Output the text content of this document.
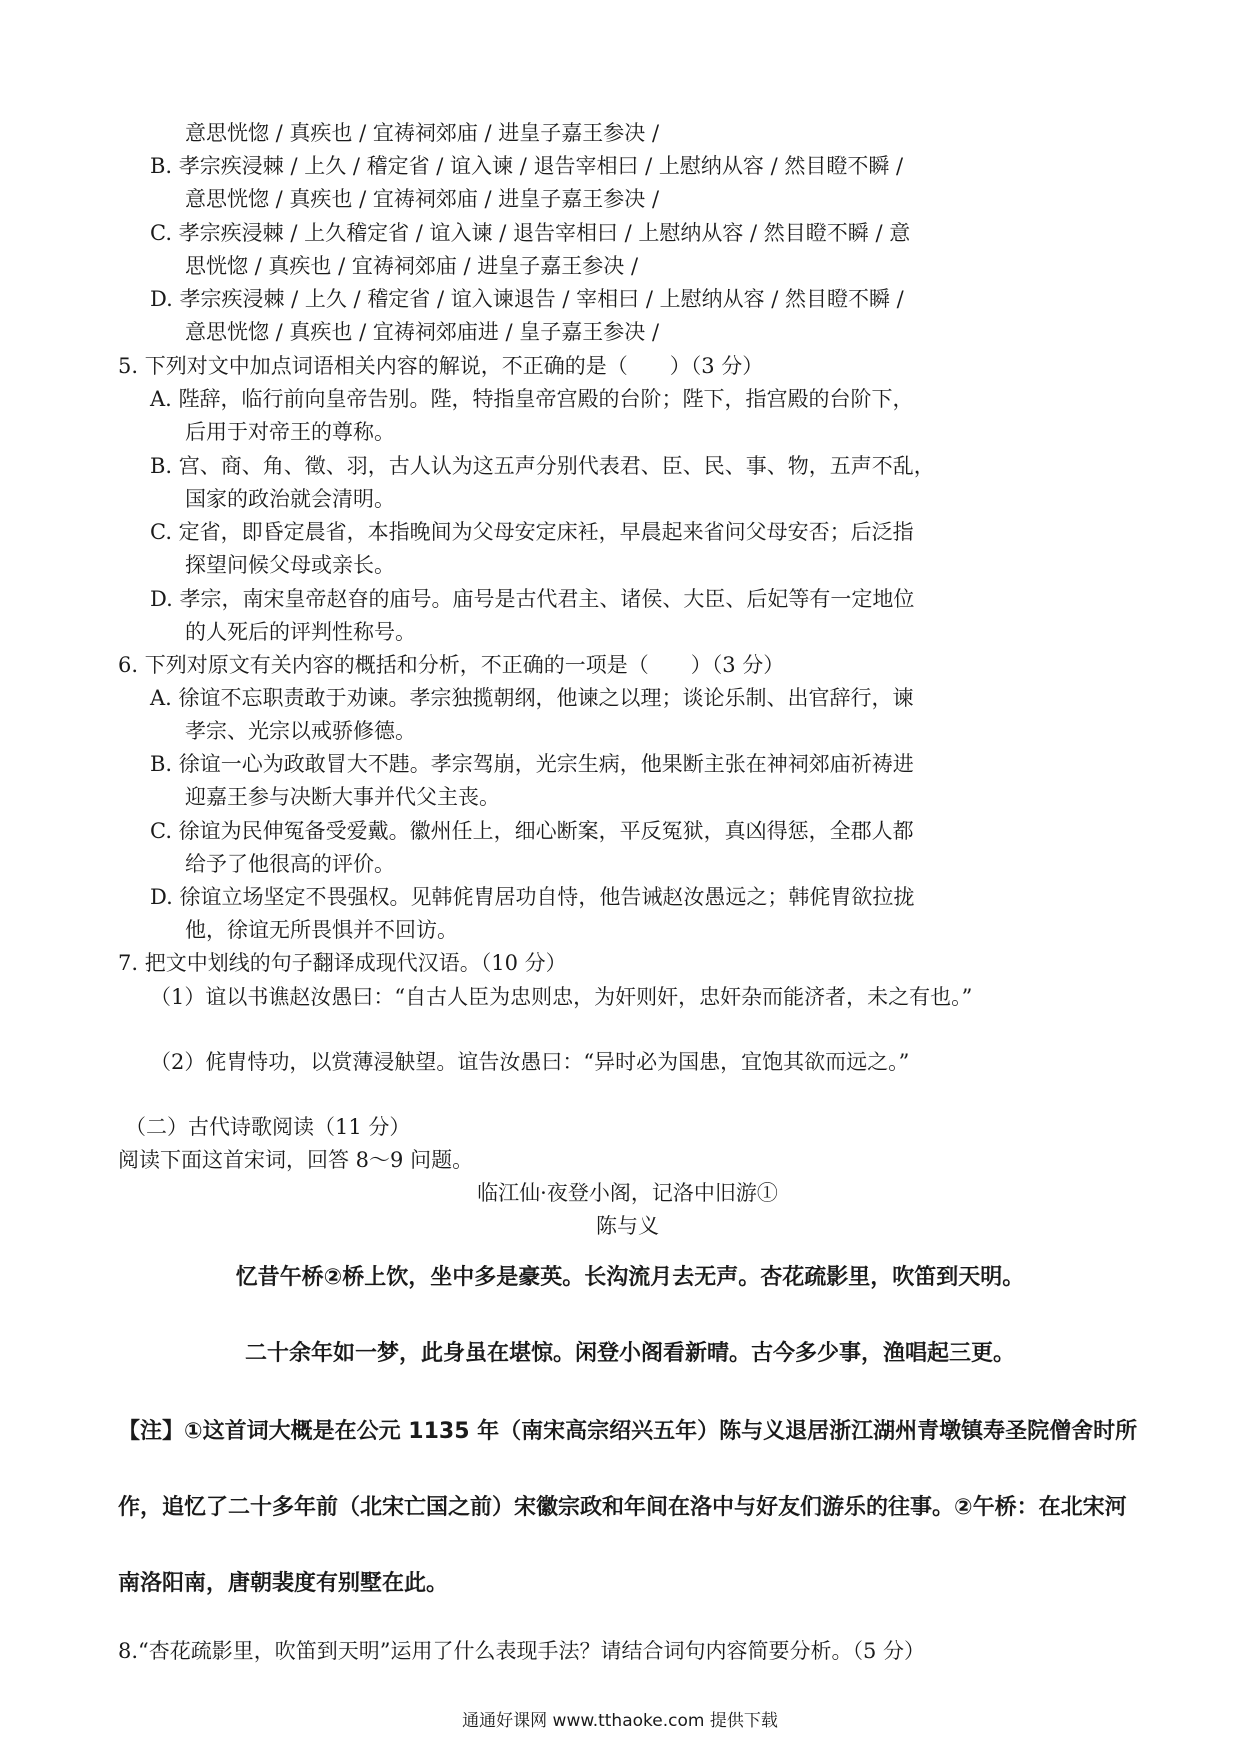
意思恍惚 / 真疾也 / 宜祷祠郊庙 / 进皇子嘉王参决 /
B. 孝宗疾浸棘 / 上久 / 稽定省 / 谊入谏 / 退告宰相曰 / 上慰纳从容 / 然目瞪不瞬 /
意思恍惚 / 真疾也 / 宜祷祠郊庙 / 进皇子嘉王参决 /
C. 孝宗疾浸棘 / 上久稽定省 / 谊入谏 / 退告宰相曰 / 上慰纳从容 / 然目瞪不瞬 / 意
思恍惚 / 真疾也 / 宜祷祠郊庙 / 进皇子嘉王参决 /
D. 孝宗疾浸棘 / 上久 / 稽定省 / 谊入谏退告 / 宰相曰 / 上慰纳从容 / 然目瞪不瞬 /
意思恍惚 / 真疾也 / 宜祷祠郊庙进 / 皇子嘉王参决 /
5. 下列对文中加点词语相关内容的解说，不正确的是（　　）（3 分）
A. 陛辞，临行前向皇帝告别。陛，特指皇帝宫殿的台阶；陛下，指宫殿的台阶下，
后用于对帝王的尊称。
B. 宫、商、角、徵、羽，古人认为这五声分别代表君、臣、民、事、物，五声不乱，
国家的政治就会清明。
C. 定省，即昏定晨省，本指晚间为父母安定床衽，早晨起来省问父母安否；后泛指
探望问候父母或亲长。
D. 孝宗，南宋皇帝赵昚的庙号。庙号是古代君主、诸侯、大臣、后妃等有一定地位
的人死后的评判性称号。
6. 下列对原文有关内容的概括和分析，不正确的一项是（　　）（3 分）
A. 徐谊不忘职责敢于劝谏。孝宗独揽朝纲，他谏之以理；谈论乐制、出官辞行，谏
孝宗、光宗以戒骄修德。
B. 徐谊一心为政敢冒大不韪。孝宗驾崩，光宗生病，他果断主张在神祠郊庙祈祷进
迎嘉王参与决断大事并代父主丧。
C. 徐谊为民伸冤备受爱戴。徽州任上，细心断案，平反冤狱，真凶得惩，全郡人都
给予了他很高的评价。
D. 徐谊立场坚定不畏强权。见韩侂胄居功自恃，他告诫赵汝愚远之；韩侂胄欲拉拢
他，徐谊无所畏惧并不回访。
7. 把文中划线的句子翻译成现代汉语。（10 分）
（1）谊以书谯赵汝愚曰：“自古人臣为忠则忠，为奸则奸，忠奸杂而能济者，未之有也。”
（2）侂胄恃功，以赏薄浸觖望。谊告汝愚曰：“异时必为国患，宜饱其欲而远之。”
（二）古代诗歌阅读（11 分）
阅读下面这首宋词，回答 8～9 问题。
临江仙·夜登小阁，记洛中旧游①
陈与义
忆昔午桥②桥上饮，坐中多是豪英。长沟流月去无声。杏花疏影里，吹笛到天明。
二十余年如一梦，此身虽在堪惊。闲登小阁看新晴。古今多少事，渔唱起三更。
【注】①这首词大概是在公元 1135 年（南宋高宗绍兴五年）陈与义退居浙江湖州青墩镇寿圣院僧舍时所
作，追忆了二十多年前（北宋亡国之前）宋徽宗政和年间在洛中与好友们游乐的往事。②午桥：在北宋河
南洛阳南，唐朝裴度有别墅在此。
8.“杏花疏影里，吹笛到天明”运用了什么表现手法？请结合词句内容简要分析。（5 分）
通通好课网 www.tthaoke.com 提供下载
